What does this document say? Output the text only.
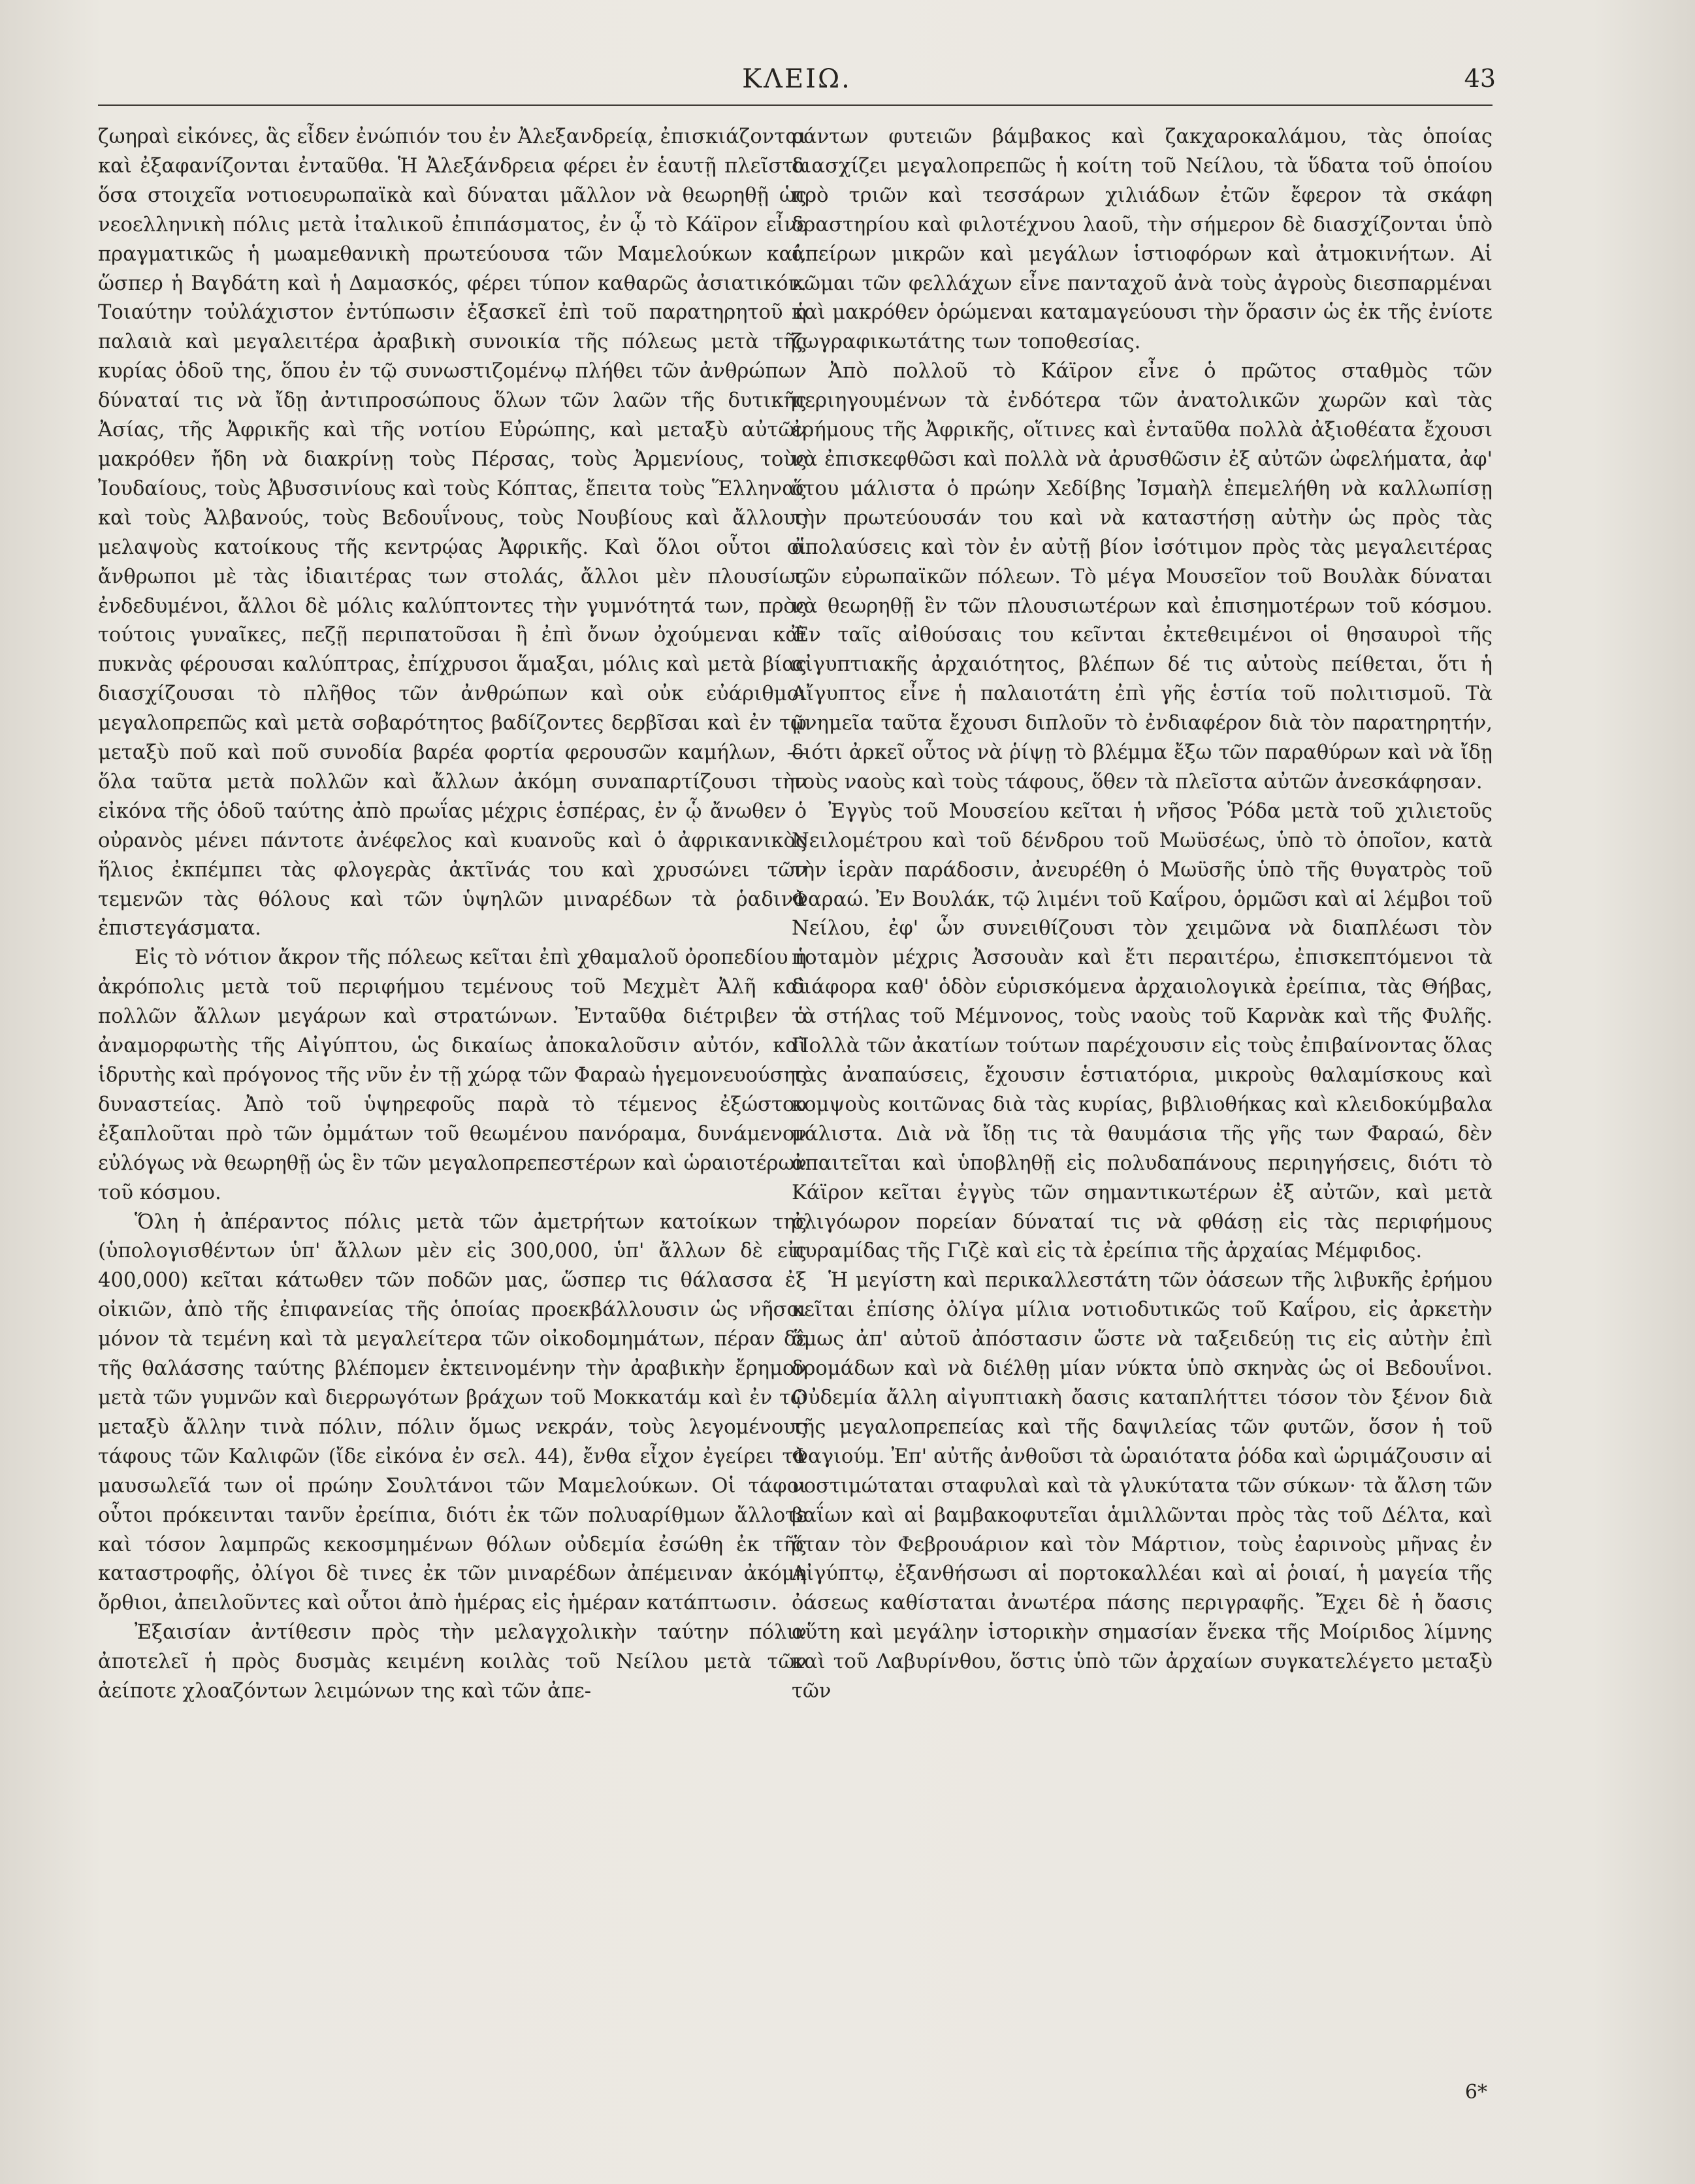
ΚΛΕΙΩ.	43

ζωηραὶ εἰκόνες, ἃς εἶδεν ἐνώπιόν του ἐν Ἀλεξανδρείᾳ, ἐπισκιάζονται καὶ ἐξαφανίζονται ἐνταῦθα. Ἡ Ἀλεξάνδρεια φέρει ἐν ἑαυτῇ πλεῖστα ὅσα στοιχεῖα νοτιοευρωπαϊκὰ καὶ δύναται μᾶλλον νὰ θεωρηθῇ ὡς νεοελληνικὴ πόλις μετὰ ἰταλικοῦ ἐπιπάσματος, ἐν ᾧ τὸ Κάϊρον εἶνε πραγματικῶς ἡ μωαμεθανικὴ πρωτεύουσα τῶν Μαμελούκων καί, ὥσπερ ἡ Βαγδάτη καὶ ἡ Δαμασκός, φέρει τύπον καθαρῶς ἀσιατικόν. Τοιαύτην τοὐλάχιστον ἐντύπωσιν ἐξασκεῖ ἐπὶ τοῦ παρατηρητοῦ ἡ παλαιὰ καὶ μεγαλειτέρα ἀραβικὴ συνοικία τῆς πόλεως μετὰ τῆς κυρίας ὁδοῦ της, ὅπου ἐν τῷ συνωστιζομένῳ πλήθει τῶν ἀνθρώπων δύναταί τις νὰ ἴδῃ ἀντιπροσώπους ὅλων τῶν λαῶν τῆς δυτικῆς Ἀσίας, τῆς Ἀφρικῆς καὶ τῆς νοτίου Εὐρώπης, καὶ μεταξὺ αὐτῶν μακρόθεν ἤδη νὰ διακρίνῃ τοὺς Πέρσας, τοὺς Ἀρμενίους, τοὺς Ἰουδαίους, τοὺς Ἀβυσσινίους καὶ τοὺς Κόπτας, ἔπειτα τοὺς Ἕλληνας καὶ τοὺς Ἀλβανούς, τοὺς Βεδουΐνους, τοὺς Νουβίους καὶ ἄλλους μελαψοὺς κατοίκους τῆς κεντρῴας Ἀφρικῆς. Καὶ ὅλοι οὗτοι οἱ ἄνθρωποι μὲ τὰς ἰδιαιτέρας των στολάς, ἄλλοι μὲν πλουσίως ἐνδεδυμένοι, ἄλλοι δὲ μόλις καλύπτοντες τὴν γυμνότητά των, πρὸς τούτοις γυναῖκες, πεζῇ περιπατοῦσαι ἢ ἐπὶ ὄνων ὀχούμεναι καὶ πυκνὰς φέρουσαι καλύπτρας, ἐπίχρυσοι ἅμαξαι, μόλις καὶ μετὰ βίας διασχίζουσαι τὸ πλῆθος τῶν ἀνθρώπων καὶ οὐκ εὐάριθμοι μεγαλοπρεπῶς καὶ μετὰ σοβαρότητος βαδίζοντες δερβῖσαι καὶ ἐν τῷ μεταξὺ ποῦ καὶ ποῦ συνοδία βαρέα φορτία φερουσῶν καμήλων, — ὅλα ταῦτα μετὰ πολλῶν καὶ ἄλλων ἀκόμη συναπαρτίζουσι τὴν εἰκόνα τῆς ὁδοῦ ταύτης ἀπὸ πρωΐας μέχρις ἑσπέρας, ἐν ᾧ ἄνωθεν ὁ οὐρανὸς μένει πάντοτε ἀνέφελος καὶ κυανοῦς καὶ ὁ ἀφρικανικὸς ἥλιος ἐκπέμπει τὰς φλογερὰς ἀκτῖνάς του καὶ χρυσώνει τῶν τεμενῶν τὰς θόλους καὶ τῶν ὑψηλῶν μιναρέδων τὰ ῥαδινὰ ἐπιστεγάσματα.

Εἰς τὸ νότιον ἄκρον τῆς πόλεως κεῖται ἐπὶ χθαμαλοῦ ὀροπεδίου ἡ ἀκρόπολις μετὰ τοῦ περιφήμου τεμένους τοῦ Μεχμὲτ Ἀλῆ καὶ πολλῶν ἄλλων μεγάρων καὶ στρατώνων. Ἐνταῦθα διέτριβεν ὁ ἀναμορφωτὴς τῆς Αἰγύπτου, ὡς δικαίως ἀποκαλοῦσιν αὐτόν, καὶ ἱδρυτὴς καὶ πρόγονος τῆς νῦν ἐν τῇ χώρᾳ τῶν Φαραὼ ἡγεμονευούσης δυναστείας. Ἀπὸ τοῦ ὑψηρεφοῦς παρὰ τὸ τέμενος ἐξώστου ἐξαπλοῦται πρὸ τῶν ὀμμάτων τοῦ θεωμένου πανόραμα, δυνάμενον εὐλόγως νὰ θεωρηθῇ ὡς ἓν τῶν μεγαλοπρεπεστέρων καὶ ὡραιοτέρων τοῦ κόσμου.

Ὅλη ἡ ἀπέραντος πόλις μετὰ τῶν ἀμετρήτων κατοίκων της (ὑπολογισθέντων ὑπ' ἄλλων μὲν εἰς 300,000, ὑπ' ἄλλων δὲ εἰς 400,000) κεῖται κάτωθεν τῶν ποδῶν μας, ὥσπερ τις θάλασσα ἐξ οἰκιῶν, ἀπὸ τῆς ἐπιφανείας τῆς ὁποίας προεκβάλλουσιν ὡς νῆσοι μόνον τὰ τεμένη καὶ τὰ μεγαλείτερα τῶν οἰκοδομημάτων, πέραν δὲ τῆς θαλάσσης ταύτης βλέπομεν ἐκτεινομένην τὴν ἀραβικὴν ἔρημον μετὰ τῶν γυμνῶν καὶ διερρωγότων βράχων τοῦ Μοκκατάμ καὶ ἐν τῷ μεταξὺ ἄλλην τινὰ πόλιν, πόλιν ὅμως νεκράν, τοὺς λεγομένους τάφους τῶν Καλιφῶν (ἴδε εἰκόνα ἐν σελ. 44), ἔνθα εἶχον ἐγείρει τὰ μαυσωλεῖά των οἱ πρώην Σουλτάνοι τῶν Μαμελούκων. Οἱ τάφοι οὗτοι πρόκεινται τανῦν ἐρείπια, διότι ἐκ τῶν πολυαρίθμων ἄλλοτε καὶ τόσον λαμπρῶς κεκοσμημένων θόλων οὐδεμία ἐσώθη ἐκ τῆς καταστροφῆς, ὀλίγοι δὲ τινες ἐκ τῶν μιναρέδων ἀπέμειναν ἀκόμη ὄρθιοι, ἀπειλοῦντες καὶ οὗτοι ἀπὸ ἡμέρας εἰς ἡμέραν κατάπτωσιν.

Ἐξαισίαν ἀντίθεσιν πρὸς τὴν μελαγχολικὴν ταύτην πόλιν ἀποτελεῖ ἡ πρὸς δυσμὰς κειμένη κοιλὰς τοῦ Νείλου μετὰ τῶν ἀείποτε χλοαζόντων λειμώνων της καὶ τῶν ἀπε-

ράντων φυτειῶν βάμβακος καὶ ζακχαροκαλάμου, τὰς ὁποίας διασχίζει μεγαλοπρεπῶς ἡ κοίτη τοῦ Νείλου, τὰ ὕδατα τοῦ ὁποίου πρὸ τριῶν καὶ τεσσάρων χιλιάδων ἐτῶν ἔφερον τὰ σκάφη δραστηρίου καὶ φιλοτέχνου λαοῦ, τὴν σήμερον δὲ διασχίζονται ὑπὸ ἀπείρων μικρῶν καὶ μεγάλων ἱστιοφόρων καὶ ἀτμοκινήτων. Αἱ κῶμαι τῶν φελλάχων εἶνε πανταχοῦ ἀνὰ τοὺς ἀγροὺς διεσπαρμέναι καὶ μακρόθεν ὁρώμεναι καταμαγεύουσι τὴν ὅρασιν ὡς ἐκ τῆς ἐνίοτε ζωγραφικωτάτης των τοποθεσίας.

Ἀπὸ πολλοῦ τὸ Κάϊρον εἶνε ὁ πρῶτος σταθμὸς τῶν περιηγουμένων τὰ ἐνδότερα τῶν ἀνατολικῶν χωρῶν καὶ τὰς ἐρήμους τῆς Ἀφρικῆς, οἵτινες καὶ ἐνταῦθα πολλὰ ἀξιοθέατα ἔχουσι νὰ ἐπισκεφθῶσι καὶ πολλὰ νὰ ἀρυσθῶσιν ἐξ αὐτῶν ὠφελήματα, ἀφ' ὅτου μάλιστα ὁ πρώην Χεδίβης Ἰσμαὴλ ἐπεμελήθη νὰ καλλωπίσῃ τὴν πρωτεύουσάν του καὶ νὰ καταστήσῃ αὐτὴν ὡς πρὸς τὰς ἀπολαύσεις καὶ τὸν ἐν αὐτῇ βίον ἰσότιμον πρὸς τὰς μεγαλειτέρας τῶν εὐρωπαϊκῶν πόλεων. Τὸ μέγα Μουσεῖον τοῦ Βουλὰκ δύναται νὰ θεωρηθῇ ἓν τῶν πλουσιωτέρων καὶ ἐπισημοτέρων τοῦ κόσμου. Ἐν ταῖς αἰθούσαις του κεῖνται ἐκτεθειμένοι οἱ θησαυροὶ τῆς αἰγυπτιακῆς ἀρχαιότητος, βλέπων δέ τις αὐτοὺς πείθεται, ὅτι ἡ Αἴγυπτος εἶνε ἡ παλαιοτάτη ἐπὶ γῆς ἑστία τοῦ πολιτισμοῦ. Τὰ μνημεῖα ταῦτα ἔχουσι διπλοῦν τὸ ἐνδιαφέρον διὰ τὸν παρατηρητήν, διότι ἀρκεῖ οὗτος νὰ ῥίψῃ τὸ βλέμμα ἔξω τῶν παραθύρων καὶ νὰ ἴδῃ τοὺς ναοὺς καὶ τοὺς τάφους, ὅθεν τὰ πλεῖστα αὐτῶν ἀνεσκάφησαν.

Ἐγγὺς τοῦ Μουσείου κεῖται ἡ νῆσος Ῥόδα μετὰ τοῦ χιλιετοῦς Νειλομέτρου καὶ τοῦ δένδρου τοῦ Μωϋσέως, ὑπὸ τὸ ὁποῖον, κατὰ τὴν ἱερὰν παράδοσιν, ἀνευρέθη ὁ Μωϋσῆς ὑπὸ τῆς θυγατρὸς τοῦ Φαραώ. Ἐν Βουλάκ, τῷ λιμένι τοῦ Καΐρου, ὁρμῶσι καὶ αἱ λέμβοι τοῦ Νείλου, ἐφ' ὧν συνειθίζουσι τὸν χειμῶνα νὰ διαπλέωσι τὸν ποταμὸν μέχρις Ἀσσουὰν καὶ ἔτι περαιτέρω, ἐπισκεπτόμενοι τὰ διάφορα καθ' ὁδὸν εὑρισκόμενα ἀρχαιολογικὰ ἐρείπια, τὰς Θήβας, τὰ στήλας τοῦ Μέμνονος, τοὺς ναοὺς τοῦ Καρνὰκ καὶ τῆς Φυλῆς. Πολλὰ τῶν ἀκατίων τούτων παρέχουσιν εἰς τοὺς ἐπιβαίνοντας ὅλας τὰς ἀναπαύσεις, ἔχουσιν ἑστιατόρια, μικροὺς θαλαμίσκους καὶ κομψοὺς κοιτῶνας διὰ τὰς κυρίας, βιβλιοθήκας καὶ κλειδοκύμβαλα μάλιστα. Διὰ νὰ ἴδῃ τις τὰ θαυμάσια τῆς γῆς των Φαραώ, δὲν ἀπαιτεῖται καὶ ὑποβληθῇ εἰς πολυδαπάνους περιηγήσεις, διότι τὸ Κάϊρον κεῖται ἐγγὺς τῶν σημαντικωτέρων ἐξ αὐτῶν, καὶ μετὰ ὀλιγόωρον πορείαν δύναταί τις νὰ φθάσῃ εἰς τὰς περιφήμους πυραμίδας τῆς Γιζὲ καὶ εἰς τὰ ἐρείπια τῆς ἀρχαίας Μέμφιδος.

Ἡ μεγίστη καὶ περικαλλεστάτη τῶν ὀάσεων τῆς λιβυκῆς ἐρήμου κεῖται ἐπίσης ὀλίγα μίλια νοτιοδυτικῶς τοῦ Καΐρου, εἰς ἀρκετὴν ὅμως ἀπ' αὐτοῦ ἀπόστασιν ὥστε νὰ ταξειδεύῃ τις εἰς αὐτὴν ἐπὶ δρομάδων καὶ νὰ διέλθῃ μίαν νύκτα ὑπὸ σκηνὰς ὡς οἱ Βεδουΐνοι. Οὐδεμία ἄλλη αἰγυπτιακὴ ὄασις καταπλήττει τόσον τὸν ξένον διὰ τῆς μεγαλοπρεπείας καὶ τῆς δαψιλείας τῶν φυτῶν, ὅσον ἡ τοῦ Φαγιούμ. Ἐπ' αὐτῆς ἀνθοῦσι τὰ ὡραιότατα ῥόδα καὶ ὡριμάζουσιν αἱ νοστιμώταται σταφυλαὶ καὶ τὰ γλυκύτατα τῶν σύκων· τὰ ἄλση τῶν βαΐων καὶ αἱ βαμβακοφυτεῖαι ἁμιλλῶνται πρὸς τὰς τοῦ Δέλτα, καὶ ὅταν τὸν Φεβρουάριον καὶ τὸν Μάρτιον, τοὺς ἐαρινοὺς μῆνας ἐν Αἰγύπτῳ, ἐξανθήσωσι αἱ πορτοκαλλέαι καὶ αἱ ῥοιαί, ἡ μαγεία τῆς ὀάσεως καθίσταται ἀνωτέρα πάσης περιγραφῆς. Ἔχει δὲ ἡ ὄασις αὕτη καὶ μεγάλην ἱστορικὴν σημασίαν ἕνεκα τῆς Μοίριδος λίμνης καὶ τοῦ Λαβυρίνθου, ὅστις ὑπὸ τῶν ἀρχαίων συγκατελέγετο μεταξὺ τῶν

6*
